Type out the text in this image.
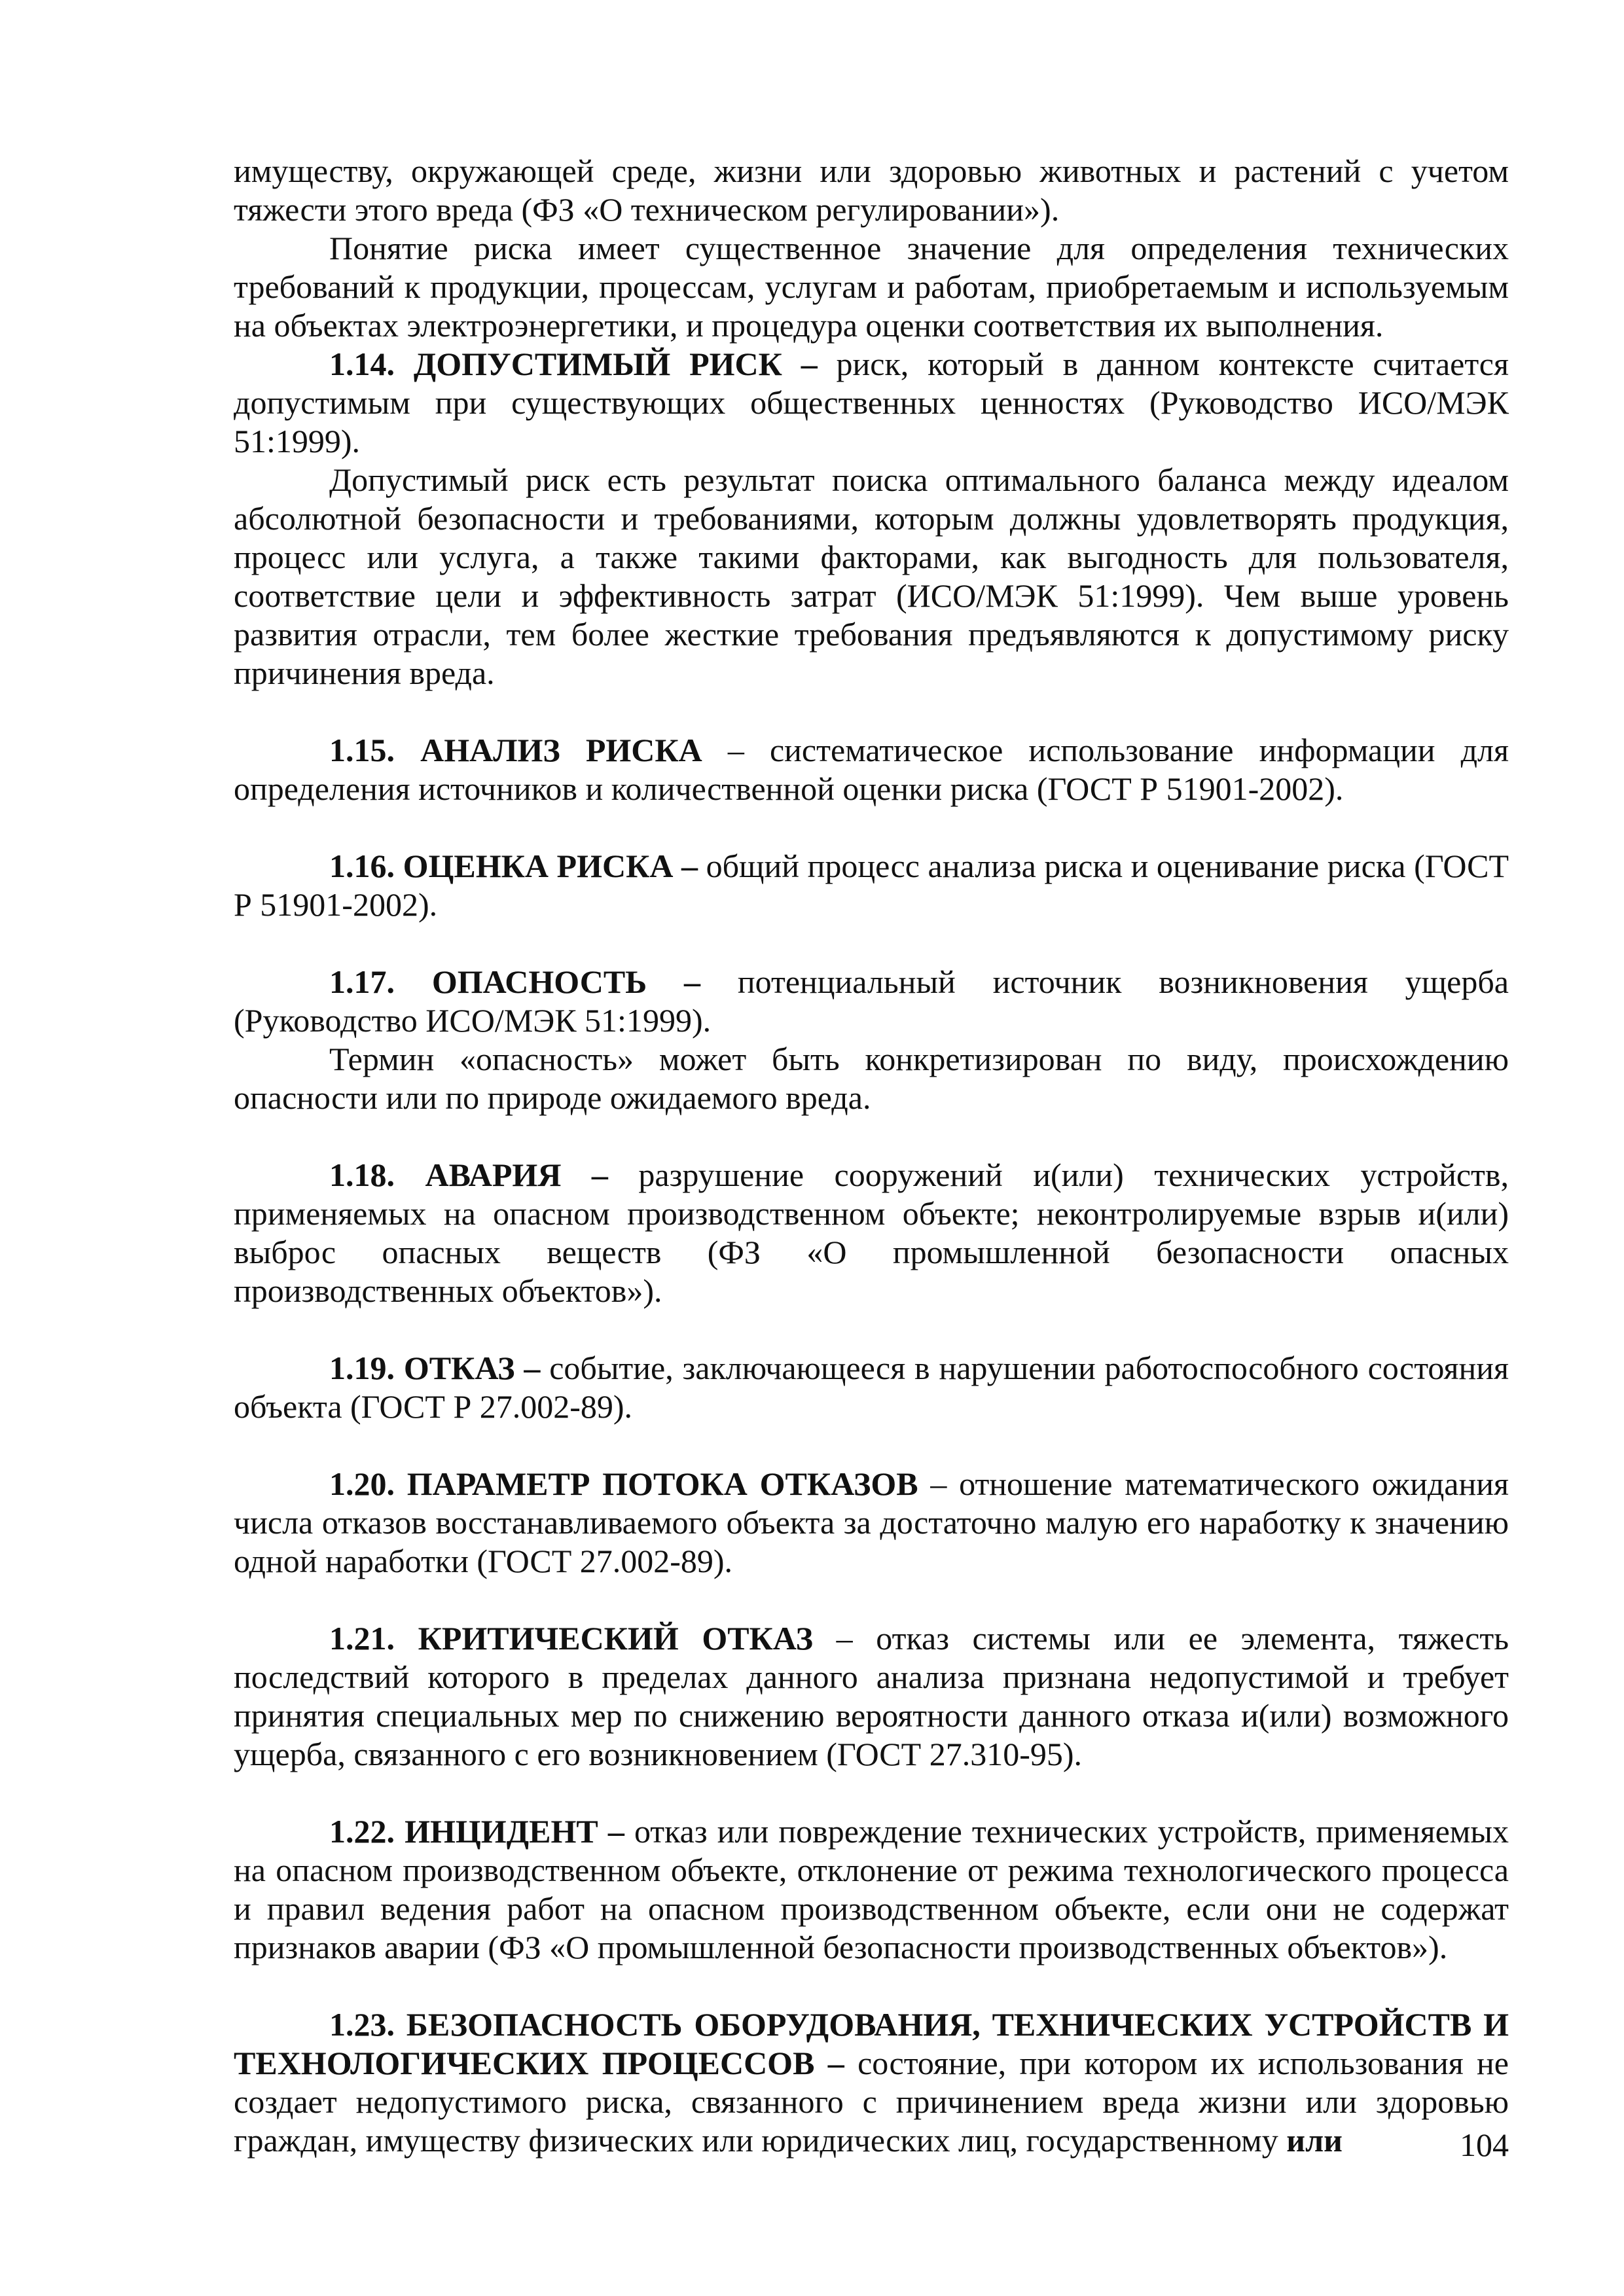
имуществу, окружающей среде, жизни или здоровью животных и растений с учетом тяжести этого вреда (ФЗ «О техническом регулировании»).

Понятие риска имеет существенное значение для определения технических требований к продукции, процессам, услугам и работам, приобретаемым и используемым на объектах электроэнергетики, и процедура оценки соответствия их выполнения.

1.14. ДОПУСТИМЫЙ РИСК – риск, который в данном контексте считается допустимым при существующих общественных ценностях (Руководство ИСО/МЭК 51:1999).

Допустимый риск есть результат поиска оптимального баланса между идеалом абсолютной безопасности и требованиями, которым должны удовлетворять продукция, процесс или услуга, а также такими факторами, как выгодность для пользователя, соответствие цели и эффективность затрат (ИСО/МЭК 51:1999). Чем выше уровень развития отрасли, тем более жесткие требования предъявляются к допустимому риску причинения вреда.

1.15. АНАЛИЗ РИСКА – систематическое использование информации для определения источников и количественной оценки риска (ГОСТ Р 51901-2002).

1.16. ОЦЕНКА РИСКА – общий процесс анализа риска и оценивание риска (ГОСТ Р 51901-2002).

1.17. ОПАСНОСТЬ – потенциальный источник возникновения ущерба (Руководство ИСО/МЭК 51:1999).

Термин «опасность» может быть конкретизирован по виду, происхождению опасности или по природе ожидаемого вреда.

1.18. АВАРИЯ – разрушение сооружений и(или) технических устройств, применяемых на опасном производственном объекте; неконтролируемые взрыв и(или) выброс опасных веществ (ФЗ «О промышленной безопасности опасных производственных объектов»).

1.19. ОТКАЗ – событие, заключающееся в нарушении работоспособного состояния объекта (ГОСТ Р 27.002-89).

1.20. ПАРАМЕТР ПОТОКА ОТКАЗОВ – отношение математического ожидания числа отказов восстанавливаемого объекта за достаточно малую его наработку к значению одной наработки (ГОСТ 27.002-89).

1.21. КРИТИЧЕСКИЙ ОТКАЗ – отказ системы или ее элемента, тяжесть последствий которого в пределах данного анализа признана недопустимой и требует принятия специальных мер по снижению вероятности данного отказа и(или) возможного ущерба, связанного с его возникновением (ГОСТ 27.310-95).

1.22. ИНЦИДЕНТ – отказ или повреждение технических устройств, применяемых на опасном производственном объекте, отклонение от режима технологического процесса и правил ведения работ на опасном производственном объекте, если они не содержат признаков аварии (ФЗ «О промышленной безопасности производственных объектов»).

1.23. БЕЗОПАСНОСТЬ ОБОРУДОВАНИЯ, ТЕХНИЧЕСКИХ УСТРОЙСТВ И ТЕХНОЛОГИЧЕСКИХ ПРОЦЕССОВ – состояние, при котором их использования не создает недопустимого риска, связанного с причинением вреда жизни или здоровью граждан, имуществу физических или юридических лиц, государственному или	104
